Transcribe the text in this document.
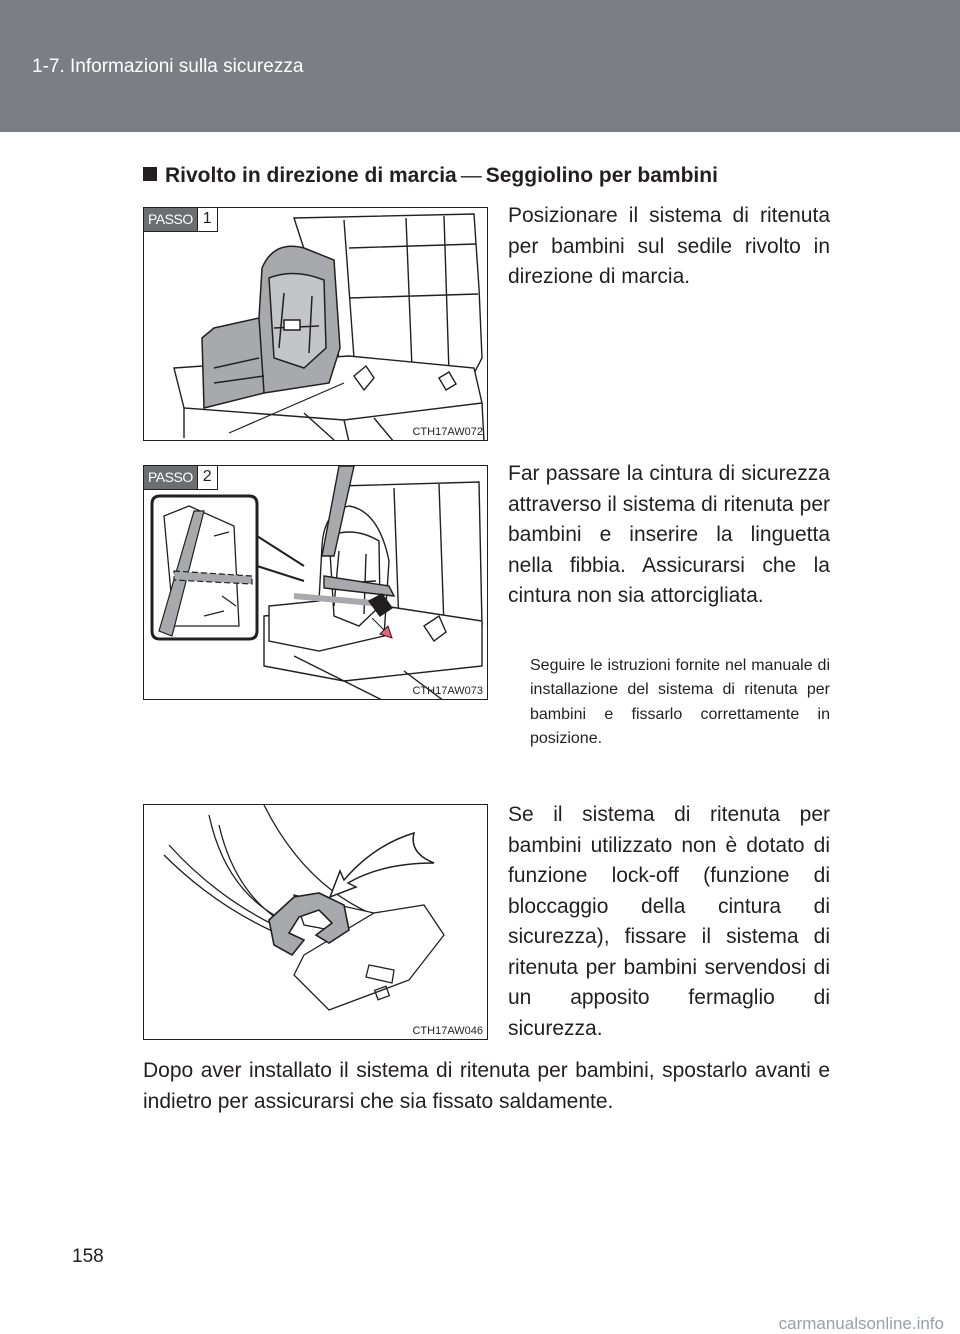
1-7. Informazioni sulla sicurezza
Rivolto in direzione di marcia — Seggiolino per bambini
PASSO 1
CTH17AW072
Posizionare il sistema di ritenuta per bambini sul sedile rivolto in direzione di marcia.
PASSO 2
CTH17AW073
Far passare la cintura di sicurezza attraverso il sistema di ritenuta per bambini e inserire la linguetta nella fibbia. Assicurarsi che la cintura non sia attorcigliata.
Seguire le istruzioni fornite nel manuale di installazione del sistema di ritenuta per bambini e fissarlo correttamente in posizione.
CTH17AW046
Se il sistema di ritenuta per bambini utilizzato non è dotato di funzione lock-off (funzione di bloccaggio della cintura di sicurezza), fissare il sistema di ritenuta per bambini servendosi di un apposito fermaglio di sicurezza.
Dopo aver installato il sistema di ritenuta per bambini, spostarlo avanti e indietro per assicurarsi che sia fissato saldamente.
158
carmanualsonline.info
